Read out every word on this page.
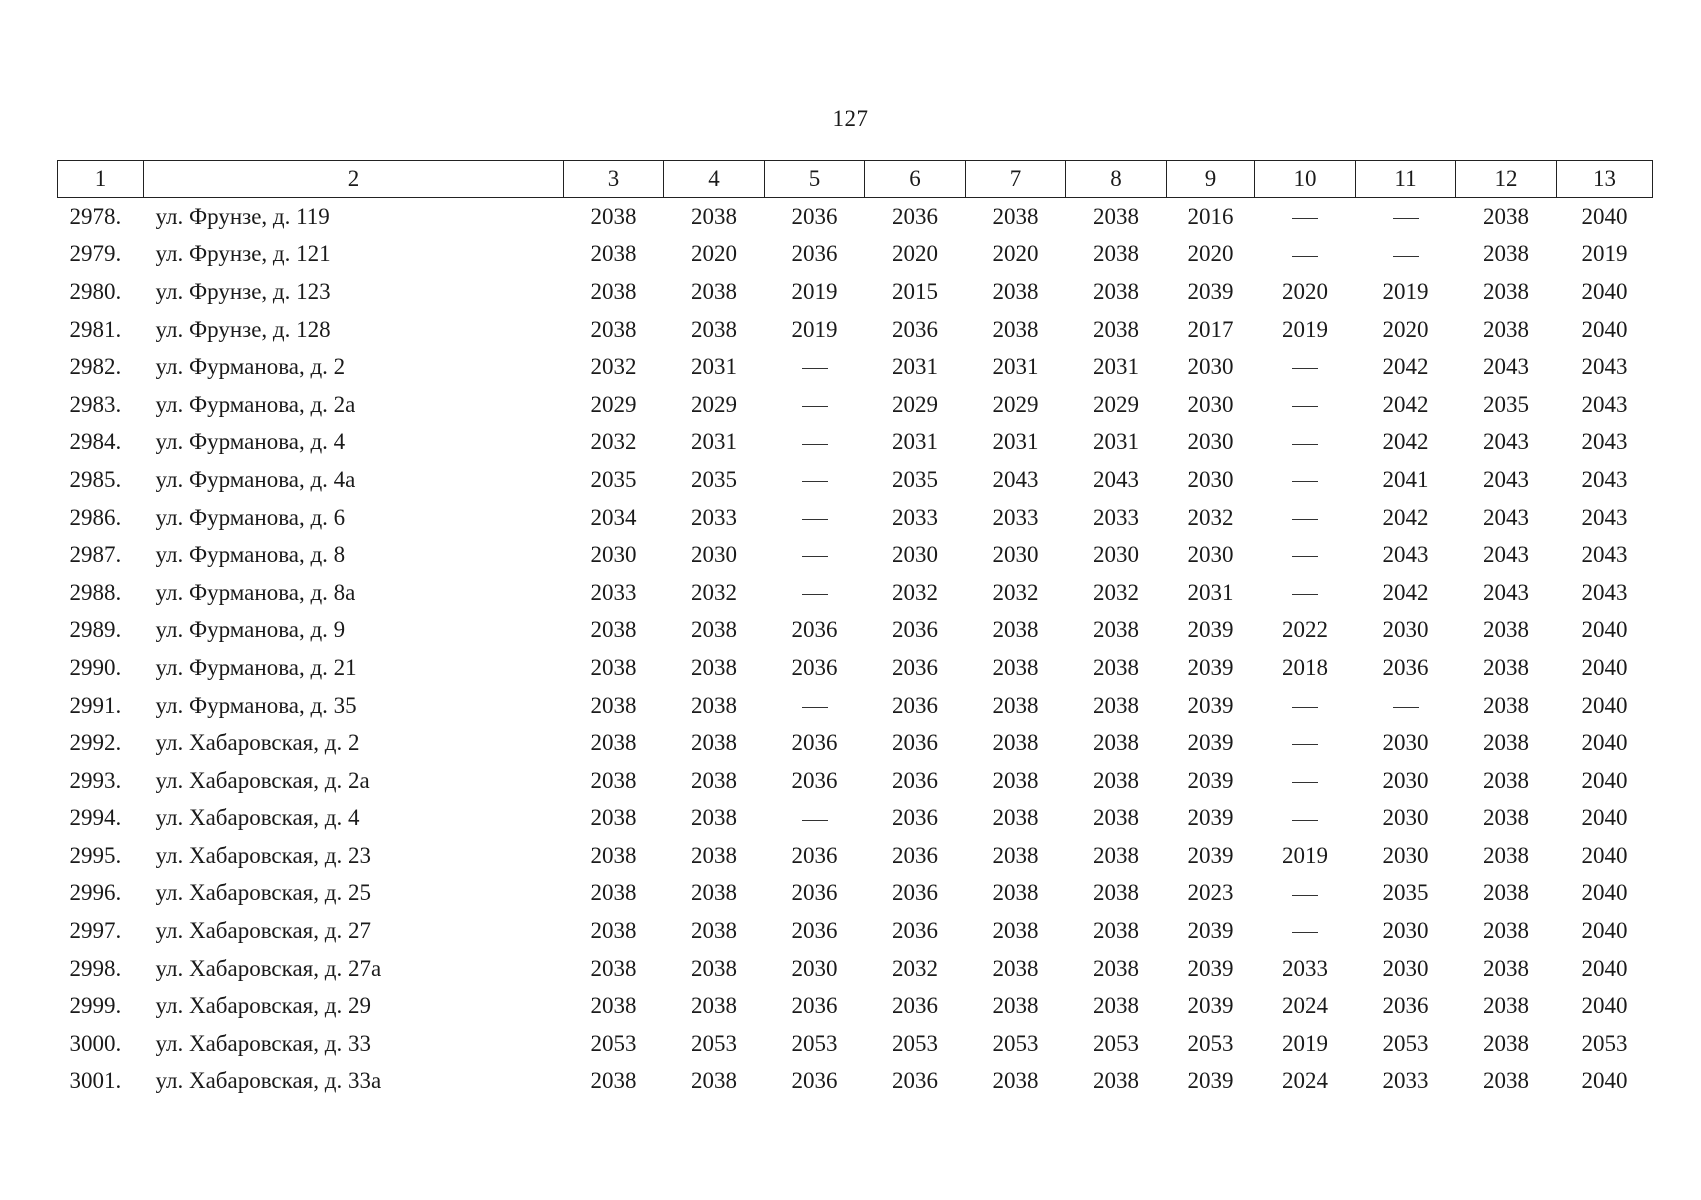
127
1	2	3	4	5	6	7	8	9	10	11	12	13
2978.	ул. Фрунзе, д. 119	2038	2038	2036	2036	2038	2038	2016			2038	2040
2979.	ул. Фрунзе, д. 121	2038	2020	2036	2020	2020	2038	2020			2038	2019
2980.	ул. Фрунзе, д. 123	2038	2038	2019	2015	2038	2038	2039	2020	2019	2038	2040
2981.	ул. Фрунзе, д. 128	2038	2038	2019	2036	2038	2038	2017	2019	2020	2038	2040
2982.	ул. Фурманова, д. 2	2032	2031		2031	2031	2031	2030		2042	2043	2043
2983.	ул. Фурманова, д. 2а	2029	2029		2029	2029	2029	2030		2042	2035	2043
2984.	ул. Фурманова, д. 4	2032	2031		2031	2031	2031	2030		2042	2043	2043
2985.	ул. Фурманова, д. 4а	2035	2035		2035	2043	2043	2030		2041	2043	2043
2986.	ул. Фурманова, д. 6	2034	2033		2033	2033	2033	2032		2042	2043	2043
2987.	ул. Фурманова, д. 8	2030	2030		2030	2030	2030	2030		2043	2043	2043
2988.	ул. Фурманова, д. 8а	2033	2032		2032	2032	2032	2031		2042	2043	2043
2989.	ул. Фурманова, д. 9	2038	2038	2036	2036	2038	2038	2039	2022	2030	2038	2040
2990.	ул. Фурманова, д. 21	2038	2038	2036	2036	2038	2038	2039	2018	2036	2038	2040
2991.	ул. Фурманова, д. 35	2038	2038		2036	2038	2038	2039			2038	2040
2992.	ул. Хабаровская, д. 2	2038	2038	2036	2036	2038	2038	2039		2030	2038	2040
2993.	ул. Хабаровская, д. 2а	2038	2038	2036	2036	2038	2038	2039		2030	2038	2040
2994.	ул. Хабаровская, д. 4	2038	2038		2036	2038	2038	2039		2030	2038	2040
2995.	ул. Хабаровская, д. 23	2038	2038	2036	2036	2038	2038	2039	2019	2030	2038	2040
2996.	ул. Хабаровская, д. 25	2038	2038	2036	2036	2038	2038	2023		2035	2038	2040
2997.	ул. Хабаровская, д. 27	2038	2038	2036	2036	2038	2038	2039		2030	2038	2040
2998.	ул. Хабаровская, д. 27а	2038	2038	2030	2032	2038	2038	2039	2033	2030	2038	2040
2999.	ул. Хабаровская, д. 29	2038	2038	2036	2036	2038	2038	2039	2024	2036	2038	2040
3000.	ул. Хабаровская, д. 33	2053	2053	2053	2053	2053	2053	2053	2019	2053	2038	2053
3001.	ул. Хабаровская, д. 33а	2038	2038	2036	2036	2038	2038	2039	2024	2033	2038	2040
